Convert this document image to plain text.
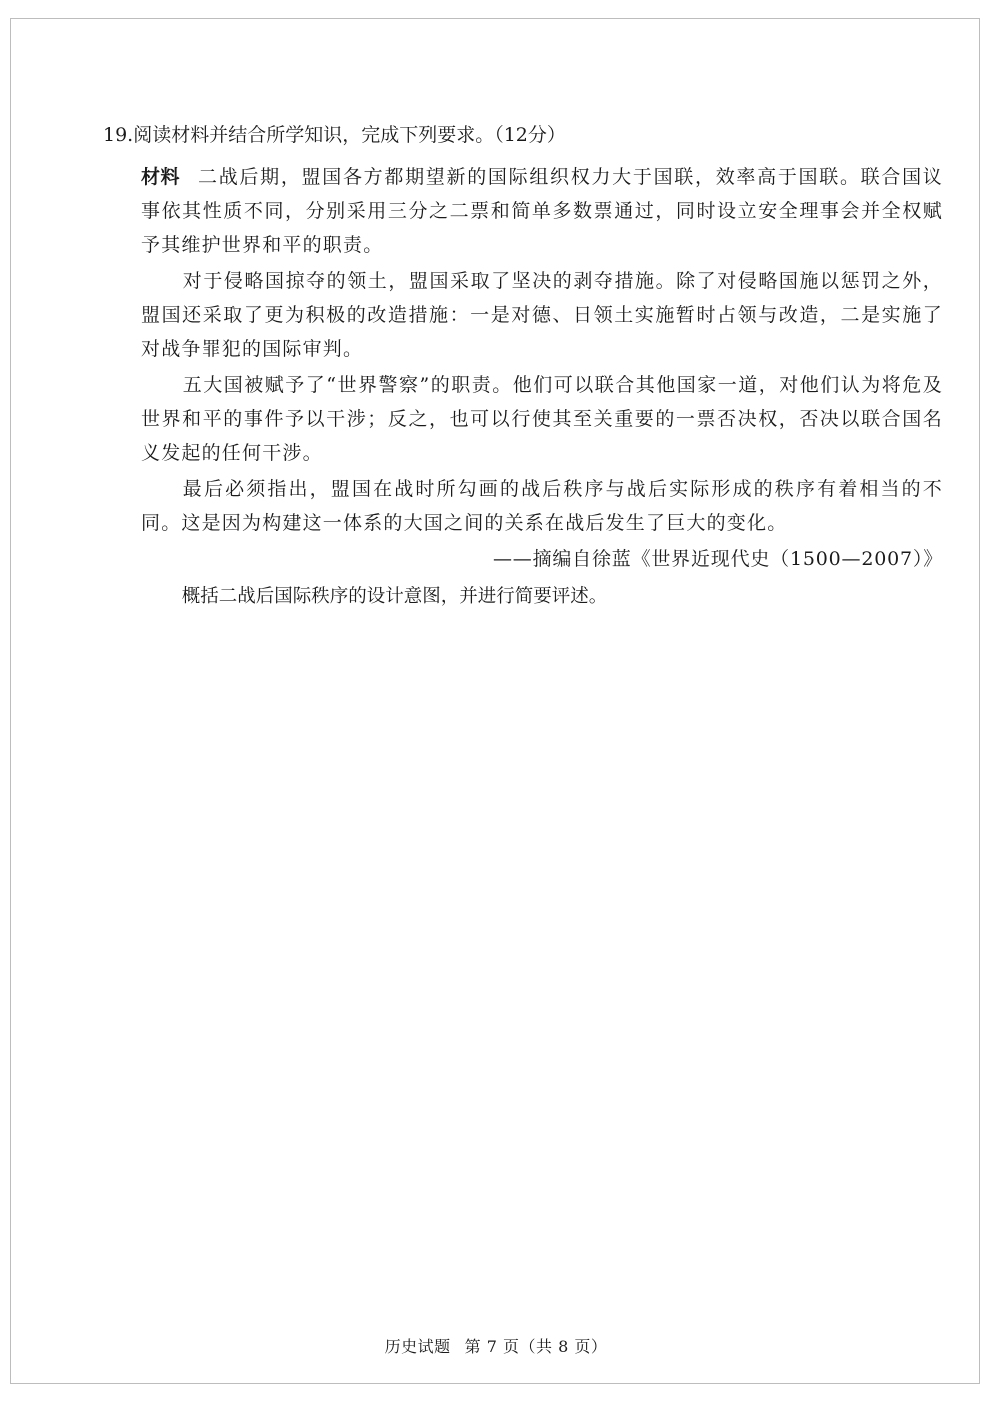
19.阅读材料并结合所学知识，完成下列要求。（12分）

材料 二战后期，盟国各方都期望新的国际组织权力大于国联，效率高于国联。联合国议事依其性质不同，分别采用三分之二票和简单多数票通过，同时设立安全理事会并全权赋予其维护世界和平的职责。

对于侵略国掠夺的领土，盟国采取了坚决的剥夺措施。除了对侵略国施以惩罚之外，盟国还采取了更为积极的改造措施：一是对德、日领土实施暂时占领与改造，二是实施了对战争罪犯的国际审判。

五大国被赋予了“世界警察”的职责。他们可以联合其他国家一道，对他们认为将危及世界和平的事件予以干涉；反之，也可以行使其至关重要的一票否决权，否决以联合国名义发起的任何干涉。

最后必须指出，盟国在战时所勾画的战后秩序与战后实际形成的秩序有着相当的不同。这是因为构建这一体系的大国之间的关系在战后发生了巨大的变化。

——摘编自徐蓝《世界近现代史（1500—2007）》

概括二战后国际秩序的设计意图，并进行简要评述。

历史试题 第 7 页（共 8 页）
